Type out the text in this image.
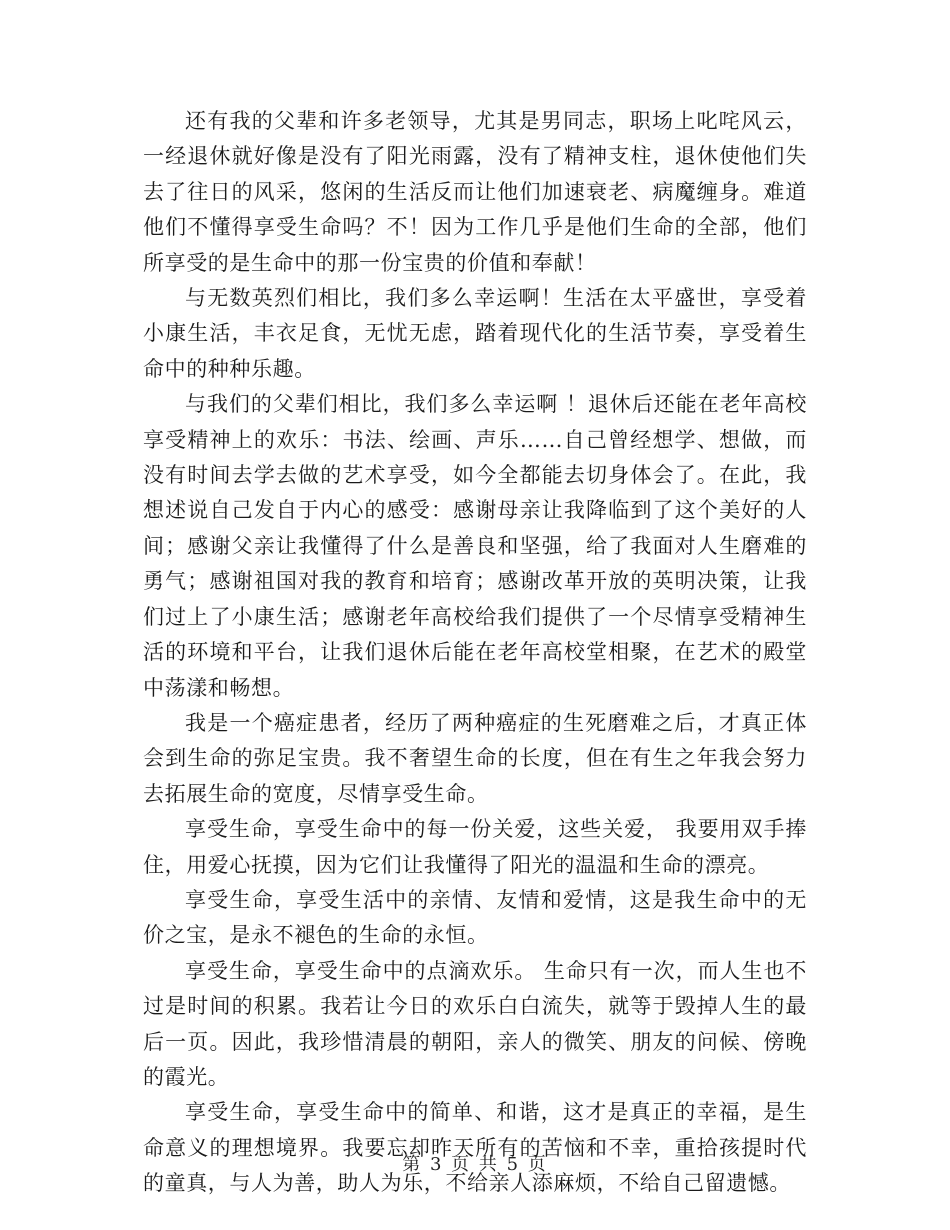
还有我的父辈和许多老领导，尤其是男同志，职场上叱咤风云，一经退休就好像是没有了阳光雨露，没有了精神支柱，退休使他们失去了往日的风采，悠闲的生活反而让他们加速衰老、病魔缠身。难道他们不懂得享受生命吗？不！因为工作几乎是他们生命的全部，他们所享受的是生命中的那一份宝贵的价值和奉献！

与无数英烈们相比，我们多么幸运啊！生活在太平盛世，享受着小康生活，丰衣足食，无忧无虑，踏着现代化的生活节奏，享受着生命中的种种乐趣。

与我们的父辈们相比，我们多么幸运啊 ！退休后还能在老年高校享受精神上的欢乐：书法、绘画、声乐……自己曾经想学、想做，而没有时间去学去做的艺术享受，如今全都能去切身体会了。在此，我想述说自己发自于内心的感受：感谢母亲让我降临到了这个美好的人间；感谢父亲让我懂得了什么是善良和坚强，给了我面对人生磨难的勇气；感谢祖国对我的教育和培育；感谢改革开放的英明决策，让我们过上了小康生活；感谢老年高校给我们提供了一个尽情享受精神生活的环境和平台，让我们退休后能在老年高校堂相聚，在艺术的殿堂中荡漾和畅想。

我是一个癌症患者，经历了两种癌症的生死磨难之后，才真正体会到生命的弥足宝贵。我不奢望生命的长度，但在有生之年我会努力去拓展生命的宽度，尽情享受生命。

享受生命，享受生命中的每一份关爱，这些关爱， 我要用双手捧住，用爱心抚摸，因为它们让我懂得了阳光的温温和生命的漂亮。

享受生命，享受生活中的亲情、友情和爱情，这是我生命中的无价之宝，是永不褪色的生命的永恒。

享受生命，享受生命中的点滴欢乐。 生命只有一次，而人生也不过是时间的积累。我若让今日的欢乐白白流失，就等于毁掉人生的最后一页。因此，我珍惜清晨的朝阳，亲人的微笑、朋友的问候、傍晚的霞光。

享受生命，享受生命中的简单、和谐，这才是真正的幸福，是生命意义的理想境界。我要忘却昨天所有的苦恼和不幸，重拾孩提时代的童真，与人为善，助人为乐，不给亲人添麻烦，不给自己留遗憾。

第 3 页 共 5 页
